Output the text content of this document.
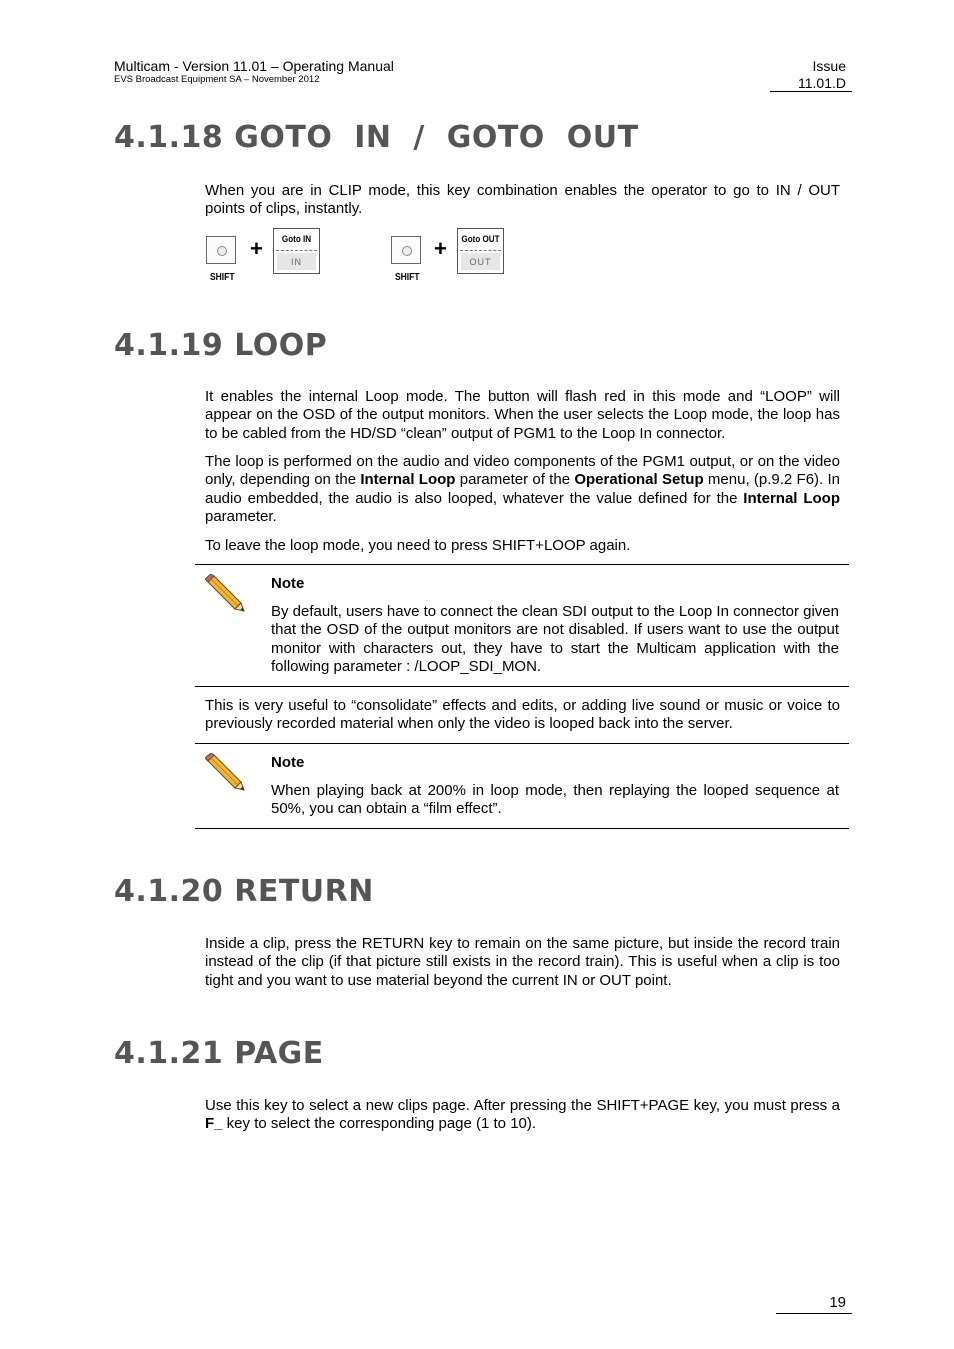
Multicam - Version 11.01 – Operating Manual
EVS Broadcast Equipment SA – November 2012
Issue
11.01.D
4.1.18 GOTO  IN  /  GOTO  OUT

When you are in CLIP mode, this key combination enables the operator to go to IN / OUT points of clips, instantly.

SHIFT
+	Goto IN
IN
SHIFT
+ Goto OUT
OUT
4.1.19 LOOP

It enables the internal Loop mode. The button will flash red in this mode and “LOOP” will appear on the OSD of the output monitors. When the user selects the Loop mode, the loop has to be cabled from the HD/SD “clean” output of PGM1 to the Loop In connector.

The loop is performed on the audio and video components of the PGM1 output, or on the video only, depending on the Internal Loop parameter of the Operational Setup menu, (p.9.2 F6). In audio embedded, the audio is also looped, whatever the value defined for the Internal Loop parameter.

To leave the loop mode, you need to press SHIFT+LOOP again.

Note

By default, users have to connect the clean SDI output to the Loop In connector given that the OSD of the output monitors are not disabled. If users want to use the output monitor with characters out, they have to start the Multicam application with the following parameter : /LOOP_SDI_MON.

This is very useful to “consolidate” effects and edits, or adding live sound or music or voice to previously recorded material when only the video is looped back into the server.

Note

When playing back at 200% in loop mode, then replaying the looped sequence at 50%, you can obtain a “film effect”.

4.1.20 RETURN

Inside a clip, press the RETURN key to remain on the same picture, but inside the record train instead of the clip (if that picture still exists in the record train). This is useful when a clip is too tight and you want to use material beyond the current IN or OUT point.

4.1.21 PAGE

Use this key to select a new clips page. After pressing the SHIFT+PAGE key, you must press a F_ key to select the corresponding page (1 to 10).

19
